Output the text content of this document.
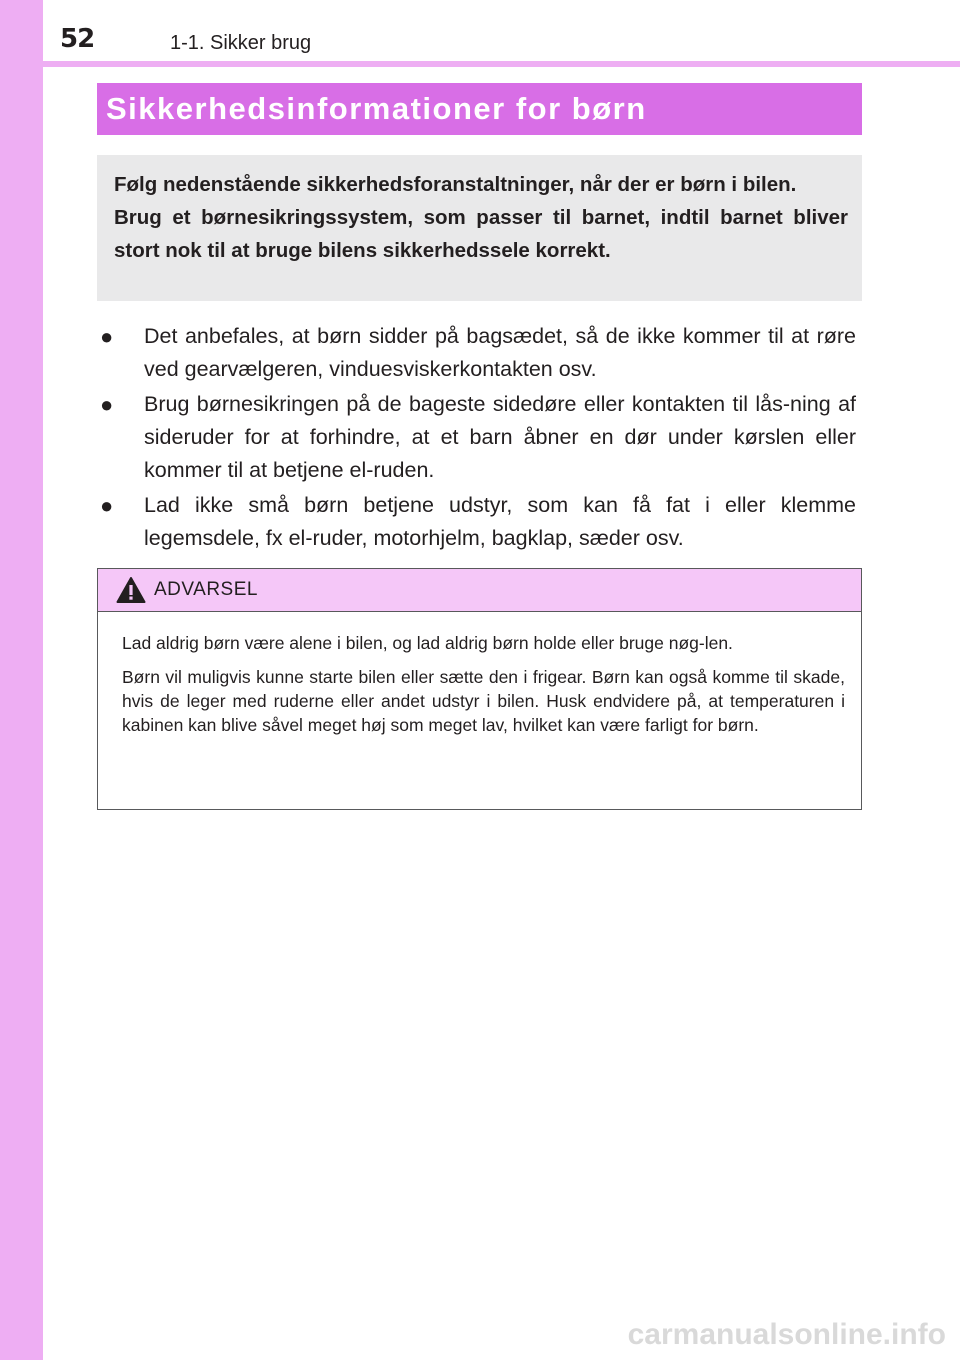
52	1-1. Sikker brug
Sikkerhedsinformationer for børn

Følg nedenstående sikkerhedsforanstaltninger, når der er børn i bilen.

Brug et børnesikringssystem, som passer til barnet, indtil barnet bliver stort nok til at bruge bilens sikkerhedssele korrekt.

●	Det anbefales, at børn sidder på bagsædet, så de ikke kommer til at røre ved gearvælgeren, vinduesviskerkontakten osv.
●	Brug børnesikringen på de bageste sidedøre eller kontakten til lås-ning af sideruder for at forhindre, at et barn åbner en dør under kørslen eller kommer til at betjene el-ruden.
●	Lad ikke små børn betjene udstyr, som kan få fat i eller klemme legemsdele, fx el-ruder, motorhjelm, bagklap, sæder osv.
ADVARSEL

Lad aldrig børn være alene i bilen, og lad aldrig børn holde eller bruge nøg-len.

Børn vil muligvis kunne starte bilen eller sætte den i frigear. Børn kan også komme til skade, hvis de leger med ruderne eller andet udstyr i bilen. Husk endvidere på, at temperaturen i kabinen kan blive såvel meget høj som meget lav, hvilket kan være farligt for børn.

carmanualsonline.info
